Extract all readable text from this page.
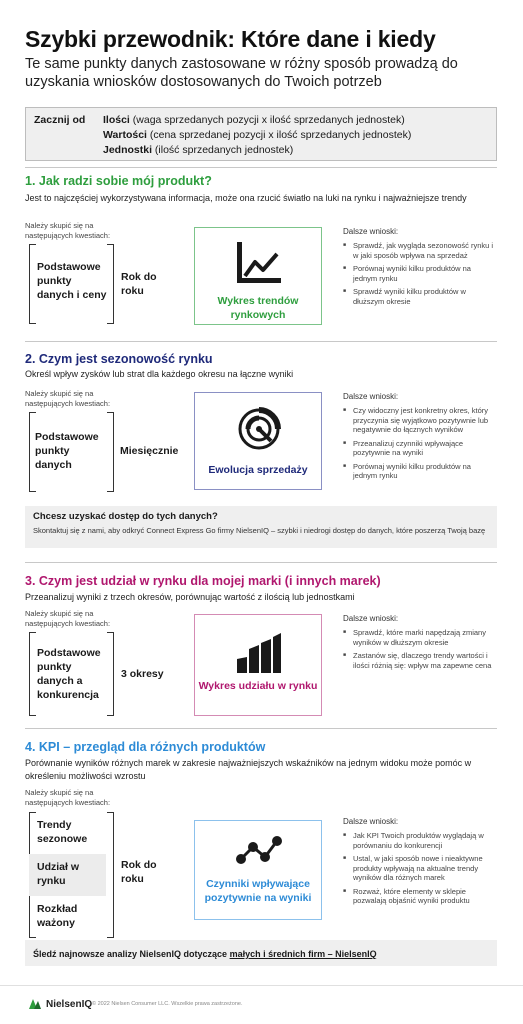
Szybki przewodnik: Które dane i kiedy
Te same punkty danych zastosowane w różny sposób prowadzą do uzyskania wniosków dostosowanych do Twoich potrzeb
Zacznij od Ilości (waga sprzedanych pozycji x ilość sprzedanych jednostek)
Wartości (cena sprzedanej pozycji x ilość sprzedanych jednostek)
Jednostki (ilość sprzedanych jednostek)
1. Jak radzi sobie mój produkt?
Jest to najczęściej wykorzystywana informacja, może ona rzucić światło na luki na rynku i najważniejsze trendy
Należy skupić się na następujących kwestiach:
Podstawowe punkty danych i ceny
Rok do roku
Wykres trendów rynkowych
Dalsze wnioski:
■ Sprawdź, jak wygląda sezonowość rynku i w jaki sposób wpływa na sprzedaż
■ Porównaj wyniki kilku produktów na jednym rynku
■ Sprawdź wyniki kilku produktów w dłuższym okresie
2. Czym jest sezonowość rynku
Określ wpływ zysków lub strat dla każdego okresu na łączne wyniki
Należy skupić się na następujących kwestiach:
Podstawowe punkty danych
Miesięcznie
Ewolucja sprzedaży
Dalsze wnioski:
■ Czy widoczny jest konkretny okres, który przyczynia się wyjątkowo pozytywnie lub negatywnie do łącznych wyników
■ Przeanalizuj czynniki wpływające pozytywnie na wyniki
■ Porównaj wyniki kilku produktów na jednym rynku
Chcesz uzyskać dostęp do tych danych?
Skontaktuj się z nami, aby odkryć Connect Express Go firmy NielsenIQ – szybki i niedrogi dostęp do danych, które poszerzą Twoją bazę
3. Czym jest udział w rynku dla mojej marki (i innych marek)
Przeanalizuj wyniki z trzech okresów, porównując wartość z ilością lub jednostkami
Należy skupić się na następujących kwestiach:
Podstawowe punkty danych a konkurencja
3 okresy
Wykres udziału w rynku
Dalsze wnioski:
■ Sprawdź, które marki napędzają zmiany wyników w dłuższym okresie
■ Zastanów się, dlaczego trendy wartości i ilości różnią się: wpływ ma zapewne cena
4. KPI – przegląd dla różnych produktów
Porównanie wyników różnych marek w zakresie najważniejszych wskaźników na jednym widoku może pomóc w określeniu możliwości wzrostu
Należy skupić się na następujących kwestiach:
Trendy sezonowe
Udział w rynku
Rozkład ważony
Rok do roku	Czynniki wpływające pozytywnie na wyniki
Dalsze wnioski:
■ Jak KPI Twoich produktów wyglądają w porównaniu do konkurencji
■ Ustal, w jaki sposób nowe i nieaktywne produkty wpływają na aktualne trendy wyników dla różnych marek
■ Rozważ, które elementy w sklepie pozwalają objaśnić wyniki produktu
Śledź najnowsze analizy NielsenIQ dotyczące małych i średnich firm – NielsenIQ
NielsenIQ © 2022 Nielsen Consumer LLC. Wszelkie prawa zastrzeżone.
